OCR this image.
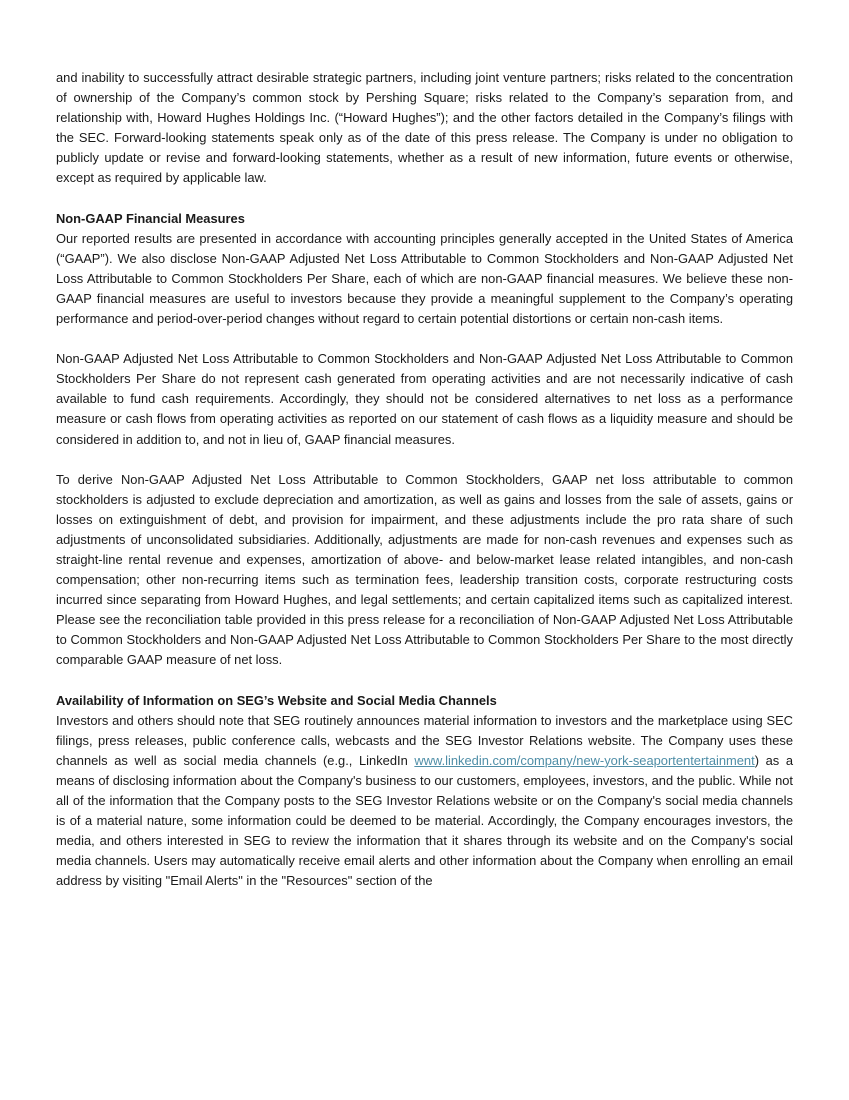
and inability to successfully attract desirable strategic partners, including joint venture partners; risks related to the concentration of ownership of the Company’s common stock by Pershing Square; risks related to the Company’s separation from, and relationship with, Howard Hughes Holdings Inc. (“Howard Hughes”); and the other factors detailed in the Company’s filings with the SEC. Forward-looking statements speak only as of the date of this press release. The Company is under no obligation to publicly update or revise and forward-looking statements, whether as a result of new information, future events or otherwise, except as required by applicable law.

Non-GAAP Financial Measures

Our reported results are presented in accordance with accounting principles generally accepted in the United States of America (“GAAP”). We also disclose Non-GAAP Adjusted Net Loss Attributable to Common Stockholders and Non-GAAP Adjusted Net Loss Attributable to Common Stockholders Per Share, each of which are non-GAAP financial measures. We believe these non-GAAP financial measures are useful to investors because they provide a meaningful supplement to the Company’s operating performance and period-over-period changes without regard to certain potential distortions or certain non-cash items.

Non-GAAP Adjusted Net Loss Attributable to Common Stockholders and Non-GAAP Adjusted Net Loss Attributable to Common Stockholders Per Share do not represent cash generated from operating activities and are not necessarily indicative of cash available to fund cash requirements. Accordingly, they should not be considered alternatives to net loss as a performance measure or cash flows from operating activities as reported on our statement of cash flows as a liquidity measure and should be considered in addition to, and not in lieu of, GAAP financial measures.

To derive Non-GAAP Adjusted Net Loss Attributable to Common Stockholders, GAAP net loss attributable to common stockholders is adjusted to exclude depreciation and amortization, as well as gains and losses from the sale of assets, gains or losses on extinguishment of debt, and provision for impairment, and these adjustments include the pro rata share of such adjustments of unconsolidated subsidiaries. Additionally, adjustments are made for non-cash revenues and expenses such as straight-line rental revenue and expenses, amortization of above- and below-market lease related intangibles, and non-cash compensation; other non-recurring items such as termination fees, leadership transition costs, corporate restructuring costs incurred since separating from Howard Hughes, and legal settlements; and certain capitalized items such as capitalized interest. Please see the reconciliation table provided in this press release for a reconciliation of Non-GAAP Adjusted Net Loss Attributable to Common Stockholders and Non-GAAP Adjusted Net Loss Attributable to Common Stockholders Per Share to the most directly comparable GAAP measure of net loss.

Availability of Information on SEG’s Website and Social Media Channels

Investors and others should note that SEG routinely announces material information to investors and the marketplace using SEC filings, press releases, public conference calls, webcasts and the SEG Investor Relations website. The Company uses these channels as well as social media channels (e.g., LinkedIn www.linkedin.com/company/new-york-seaportentertainment) as a means of disclosing information about the Company's business to our customers, employees, investors, and the public. While not all of the information that the Company posts to the SEG Investor Relations website or on the Company's social media channels is of a material nature, some information could be deemed to be material. Accordingly, the Company encourages investors, the media, and others interested in SEG to review the information that it shares through its website and on the Company's social media channels. Users may automatically receive email alerts and other information about the Company when enrolling an email address by visiting "Email Alerts" in the "Resources" section of the
